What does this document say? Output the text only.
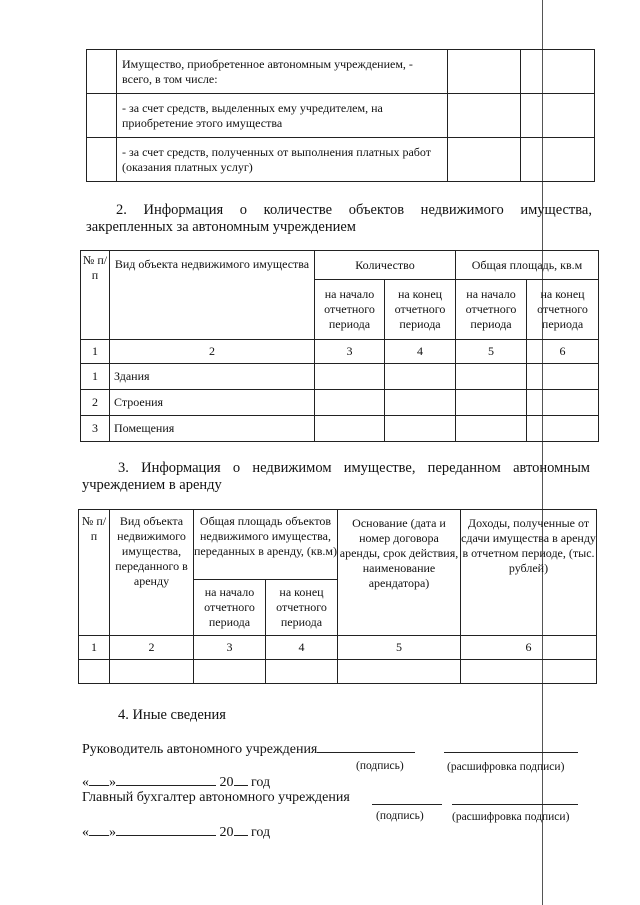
	Имущество, приобретенное автономным учреждением, - всего, в том числе:		
	- за счет средств, выделенных ему учредителем, на приобретение этого имущества		
	- за счет средств, полученных от выполнения платных работ (оказания платных услуг)		
2. Информация о количестве объектов недвижимого имущества, закрепленных за автономным учреждением
№ п/п	Вид объекта недвижимого имущества	Количество		Общая площадь, кв.м	
		на начало отчетного периода	на конец отчетного периода	на начало отчетного периода	на конец отчетного периода
1	2	3	4	5	6
1	Здания				
2	Строения				
3	Помещения				
3. Информация о недвижимом имуществе, переданном автономным учреждением в аренду
№ п/п	Вид объекта недвижимого имущества, переданного в аренду	Общая площадь объектов недвижимого имущества, переданных в аренду, (кв.м)		Основание (дата и номер договора аренды, срок действия, наименование арендатора)	Доходы, полученные от сдачи имущества в аренду в отчетном периоде, (тыс. рублей)
		на начало отчетного периода	на конец отчетного периода		
1	2	3	4	5	6

4. Иные сведения
Руководитель автономного учреждения
(подпись)	(расшифровка подписи)
« »	20 год
Главный бухгалтер автономного учреждения
(подпись) (расшифровка подписи)
« »	20 год
